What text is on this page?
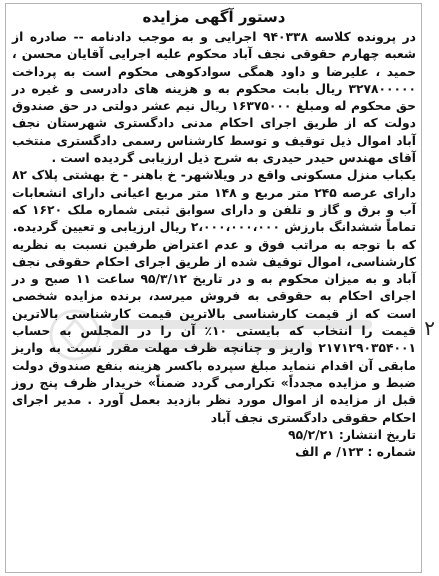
دستور آگهی مزایده

در پرونده کلاسه ۹۴۰۳۳۸ اجرایی و به موجب دادنامه -- صادره از شعبه چهارم حقوقی نجف آباد محکوم علیه اجرایی آقایان محسن ، حمید ، علیرضا و داود همگی سوادکوهی محکوم است به پرداخت ۳۲۷۸۰۰۰۰۰ ریال بابت محکوم به و هزینه های دادرسی و غیره در حق محکوم له ومبلغ ۱۶۳۷۵۰۰۰ ریال نیم عشر دولتی در حق صندوق دولت که از طریق اجرای احکام مدنی دادگستری شهرستان نجف آباد اموال ذیل توقیف و توسط کارشناس رسمی دادگستری منتخب آقای مهندس حیدر حیدری به شرح ذیل ارزیابی گردیده است .

یکباب منزل مسکونی واقع در ویلاشهر- خ باهنر - خ بهشتی پلاک ۸۲ دارای عرصه ۲۴۵ متر مربع و ۱۴۸ متر مربع اعیانی دارای انشعابات آب و برق و گاز و تلفن و دارای سوابق ثبتی شماره ملک ۱۶۲۰ که تماماً ششدانگ بارزش ۲،۰۰۰،۰۰۰،۰۰۰ ریال ارزیابی و تعیین گردیده.

که با توجه به مراتب فوق و عدم اعتراض طرفین نسبت به نظریه کارشناسی، اموال توقیف شده از طریق اجرای احکام حقوقی نجف آباد و به میزان محکوم به و در تاریخ ۹۵/۳/۱۲ ساعت ۱۱ صبح و در اجرای احکام به حقوقی به فروش میرسد، برنده مزایده شخصی است که از قیمت کارشناسی بالاترین قیمت کارشناسی بالاترین قیمت را انتخاب که بایستی ۱۰٪ آن را در المجلس به حساب ۲۱۷۱۲۹۰۳۵۴۰۰۱ واریز و چنانچه ظرف مهلت مقرر نسبت به واریز مابقی آن اقدام ننماید مبلغ سپرده باکسر هزینه بنفع صندوق دولت ضبط و مزایده مجدداً» تکرارمی گردد ضمناً» خریدار ظرف پنج روز قبل از مزایده از اموال مورد نظر بازدید بعمل آورد . مدیر اجرای احکام حقوقی دادگستری نجف آباد

تاریخ انتشار: ۹۵/۲/۲۱

شماره : ۱۲۳/ م الف

۲
